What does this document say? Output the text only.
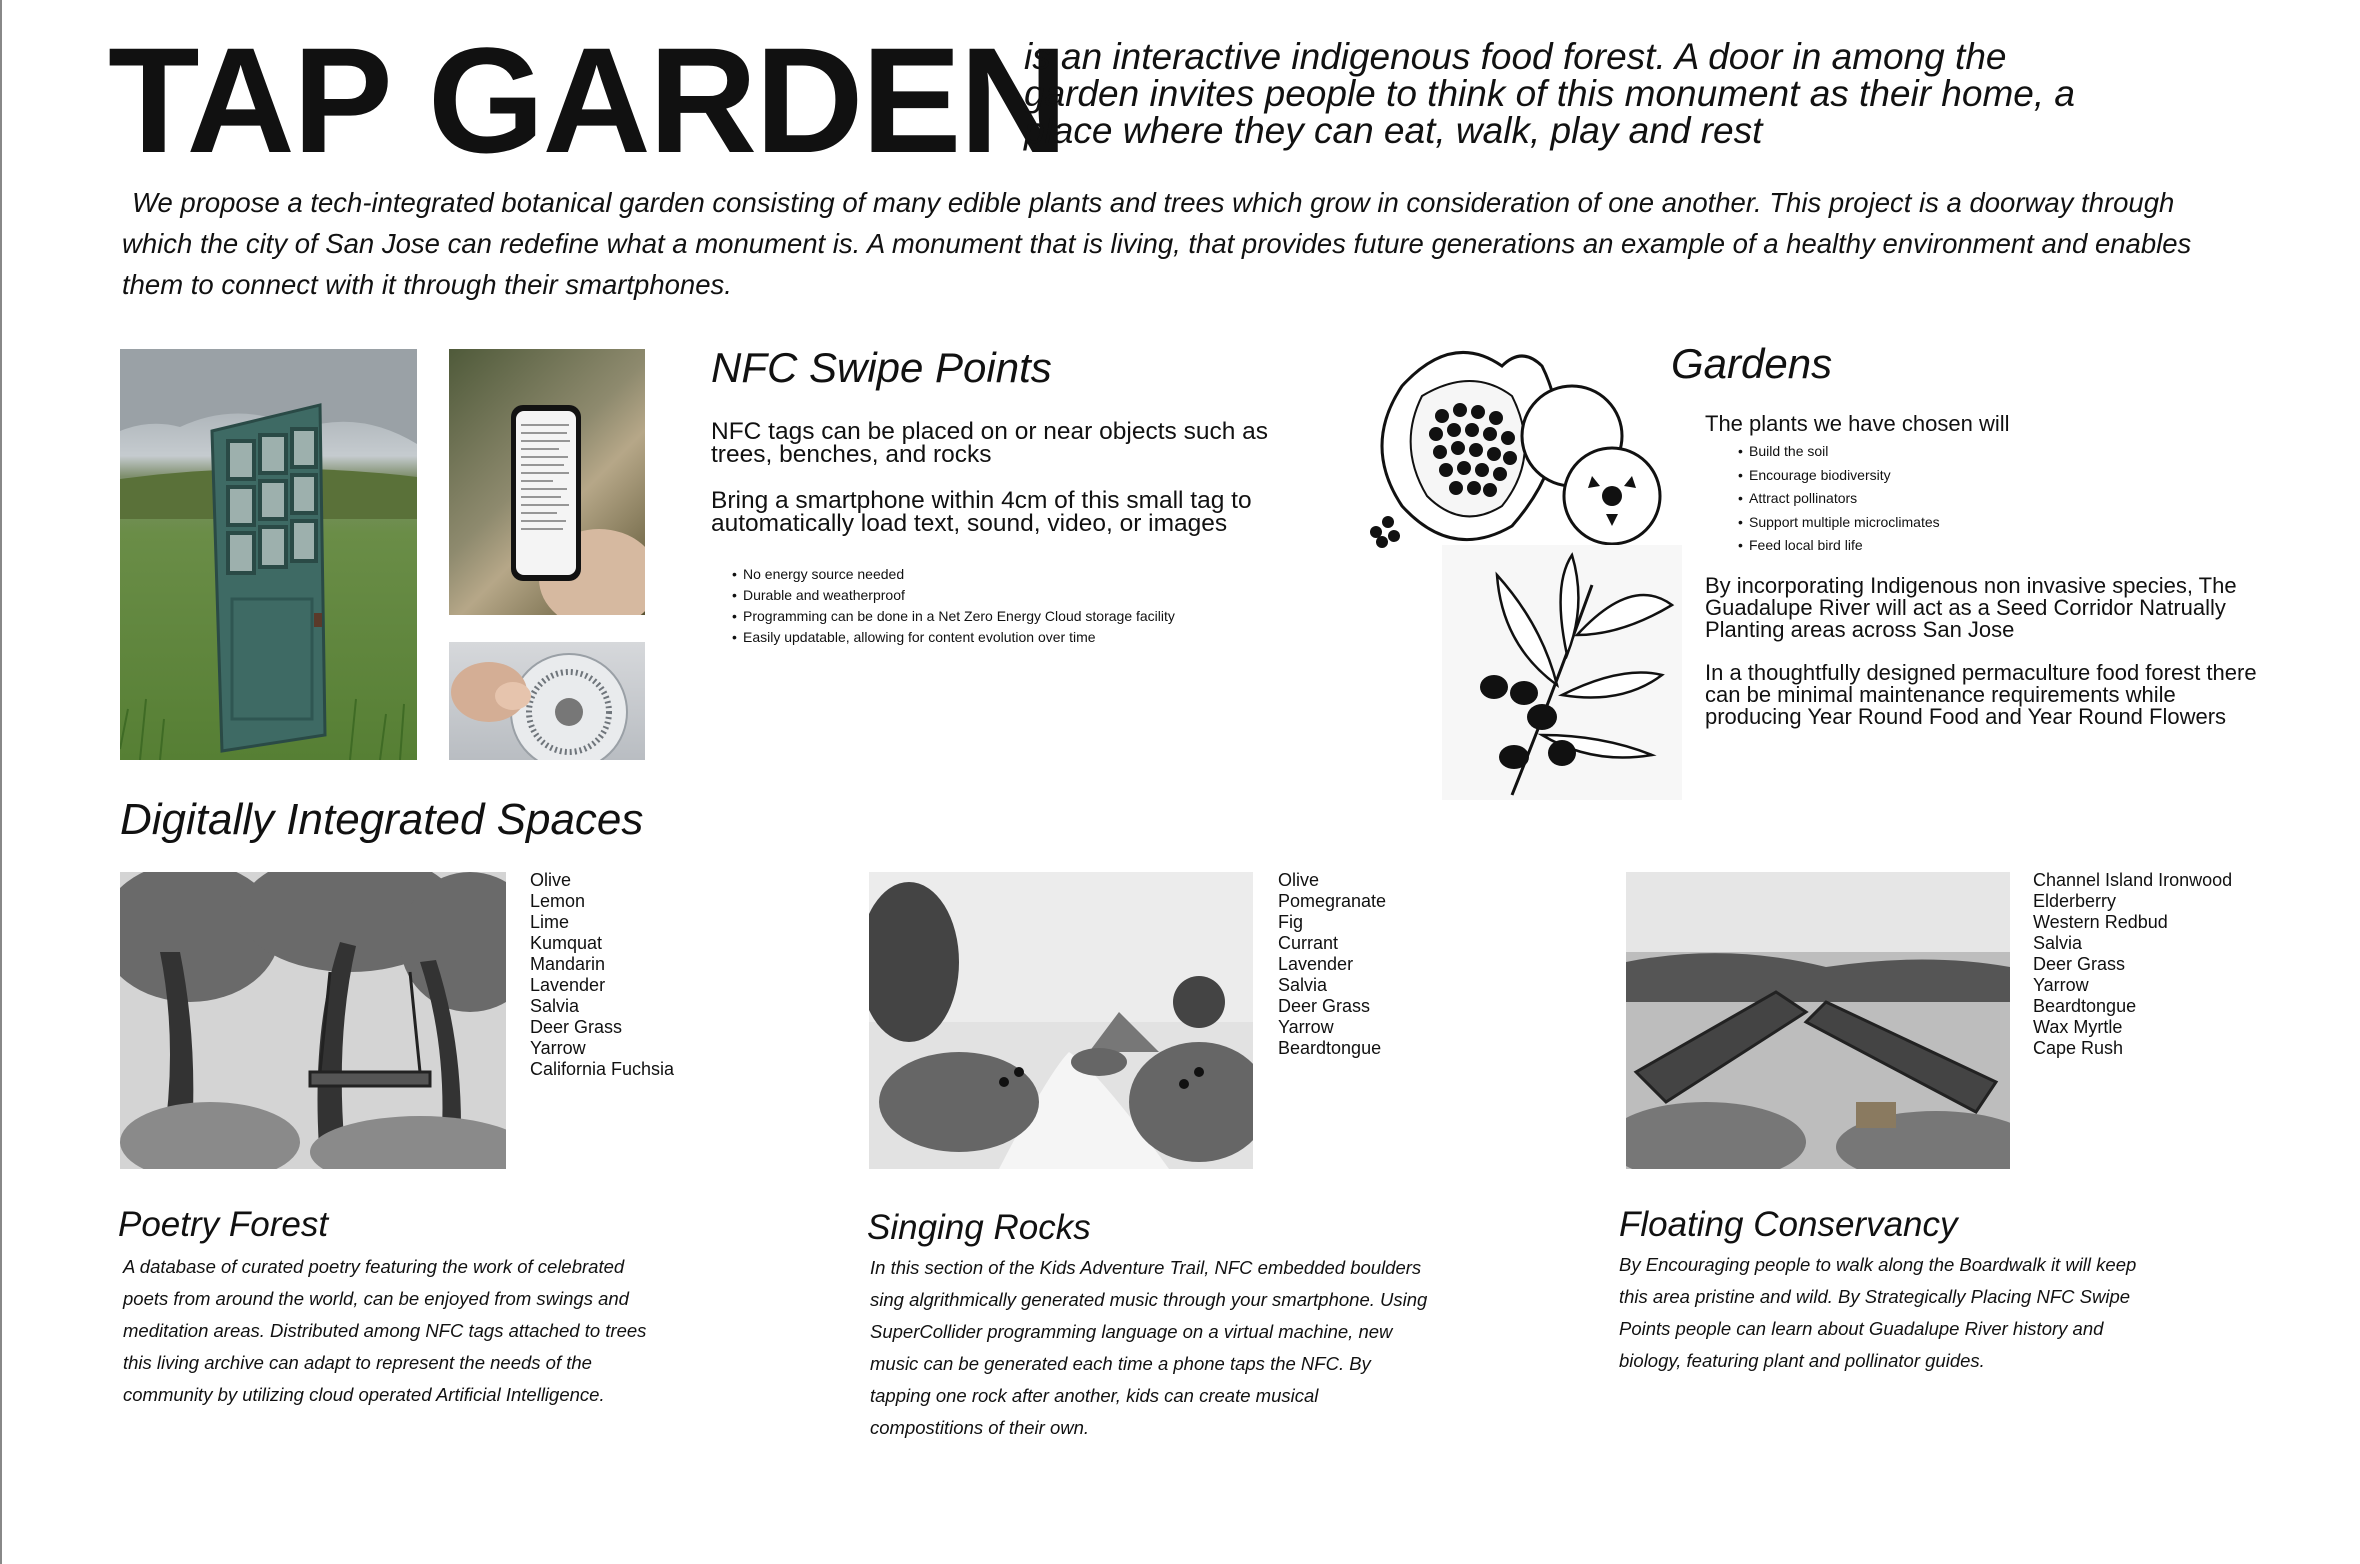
TAP GARDEN
is an interactive indigenous food forest. A door in among the garden invites people to think of this monument as their home, a place where they can eat, walk, play and rest
We propose a tech-integrated botanical garden consisting of many edible plants and trees which grow in consideration of one another. This project is a doorway through which the city of San Jose can redefine what a monument is. A monument that is living, that provides future generations an example of a healthy environment and enables them to connect with it through their smartphones.
NFC Swipe Points
NFC tags can be placed on or near objects such as trees, benches, and rocks
Bring a smartphone within 4cm of this small tag to automatically load text, sound, video, or images
• No energy source needed
• Durable and weatherproof
• Programming can be done in a Net Zero Energy Cloud storage facility
• Easily updatable, allowing for content evolution over time
Gardens
The plants we have chosen will
• Build the soil
• Encourage biodiversity
• Attract pollinators
• Support multiple microclimates
• Feed local bird life
By incorporating Indigenous non invasive species, The Guadalupe River will act as a Seed Corridor Natrually Planting areas across San Jose
In a thoughtfully designed permaculture food forest there can be minimal maintenance requirements while producing Year Round Food and Year Round Flowers
Digitally Integrated Spaces
Olive
Lemon
Lime
Kumquat
Mandarin
Lavender
Salvia
Deer Grass
Yarrow
California Fuchsia
Olive
Pomegranate
Fig
Currant
Lavender
Salvia
Deer Grass
Yarrow
Beardtongue
Channel Island Ironwood
Elderberry
Western Redbud
Salvia
Deer Grass
Yarrow
Beardtongue
Wax Myrtle
Cape Rush
Poetry Forest
A database of curated poetry featuring the work of celebrated poets from around the world, can be enjoyed from swings and meditation areas. Distributed among NFC tags attached to trees this living archive can adapt to represent the needs of the community by utilizing cloud operated Artificial Intelligence.
Singing Rocks
In this section of the Kids Adventure Trail, NFC embedded boulders sing algrithmically generated music through your smartphone. Using SuperCollider programming language on a virtual machine, new music can be generated each time a phone taps the NFC. By tapping one rock after another, kids can create musical compostitions of their own.
Floating Conservancy
By Encouraging people to walk along the Boardwalk it will keep this area pristine and wild. By Strategically Placing NFC Swipe Points people can learn about Guadalupe River history and biology, featuring plant and pollinator guides.
